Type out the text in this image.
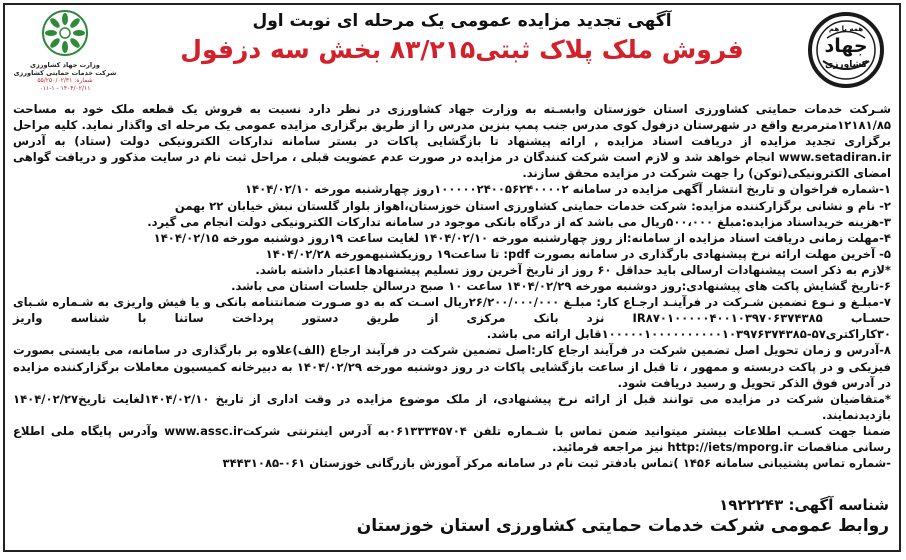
همه با هم
جهاد
کشاورزی
آگهی تجدید مزایده عمومی یک مرحله ای نوبت اول
فروش ملک پلاک ثبتی۸۳/۲۱۵ بخش سه دزفول
وزارت جهاد کشاورزی
شرکت خدمات حمایتی کشاورزی
شماره: ۵۵/۲۵۰/۰۲/۳۱
۱۴۰۴/۰۲/۱۱ - ۰۱۱-۱

شـرکت خدمات حمایتی کشاورزی استان خوزستان وابسـته به وزارت جهاد کشاورزی در نظر دارد نسبت به فروش یک قطعه ملک خود به مساحت ۱۲۱۸۱/۸۵مترمربع واقع در شهرستان دزفول کوی مدرس جنب پمپ بنزین مدرس را از طریق برگزاری مزایده عمومی یک مرحله ای واگذار نماید. کلیه مراحل برگزاری تجدید مزایده از دریافت اسناد مزایده , ارائه پیشنهاد تا بازگشایی پاکات در بستر سامانه تدارکات الکترونیکی دولت (ستاد) به آدرس www.setadiran.ir انجام خواهد شد و لازم است شرکت کنندگان در مزایده در صورت عدم عضویت قبلی ، مراحل ثبت نام در سایت مذکور و دریافت گواهی امضای الکترونیکی(توکن) را جهت شرکت در مزایده محقق سازند.

۱-شماره فراخوان و تاریخ انتشار آگهی مزایده در سامانه ۱۰۰۰۰۰۲۴۰۰۵۶۲۴۰۰۰۰۲روز چهارشنبه مورخه ۱۴۰۴/۰۲/۱۰

۲- نام و نشانی برگزارکننده مزایده: شرکت خدمات حمایتی کشاورزی استان خوزستان،اهواز بلوار گلستان نبش خیابان ۲۲ بهمن

۳-هزینه خریداسناد مزایده:مبلغ ۵۰۰،۰۰۰ریال می باشد که از درگاه بانکی موجود در سامانه تدارکات الکترونیکی دولت انجام می گیرد.

۴-مهلت زمانی دریافت اسناد مزایده از سامانه:از روز چهارشنبه مورخه ۱۴۰۴/۰۲/۱۰ لغایت ساعت ۱۹روز دوشنبه مورخه ۱۴۰۴/۰۲/۱۵

۵- آخرین مهلت ارائه نرخ پیشنهادی بارگذاری در سامانه بصورت pdf: تا ساعت۱۹ روزیکشنبهمورخه ۱۴۰۴/۰۲/۲۸

*لازم به ذکر است پیشنهادات ارسالی باید حداقل ۶۰ روز از تاریخ آخرین روز تسلیم پیشنهادها اعتبار داشته باشد.

۶-تاریخ گشایش پاکت های پیشنهادی:روز دوشنبه مورخه ۱۴۰۴/۰۲/۲۹ ساعت ۱۰ صبح درسالن جلسات استان می باشد.

۷-مبلـغ و نـوع تضمین شـرکت در فرآینـد ارجـاع کار: مبلـغ ۲۶/۲۰۰/۰۰۰/۰۰۰ریال اسـت که به دو صـورت ضمانتنامه بانکی و یا فیش واریزی به شـماره شـبای حسـاب IR۸۷۰۱۰۰۰۰۰۴۰۰۱۰۳۹۷۰۶۳۷۴۳۸۵ نزد بانک مرکزی از طریق دستور پرداخت ساتنا با شناسه واریز ۳۰کاراکتری۵۷-۱۰۰۰۰۰۱۰۰۰۰۰۰۰۰۰۰۱۰۳۹۷۶۳۷۴۳۸۵قابل ارائه می باشد.

۸-آدرس و زمان تحویل اصل تضمین شرکت در فرآیند ارجاع کار:اصل تضمین شرکت در فرآیند ارجاع (الف)علاوه بر بارگذاری در سامانه، می بایستی بصورت فیزیکی و در پاکت دربسته و ممهور ، تا قبل از ساعت بازگشایی پاکات در روز دوشنبه مورخه ۱۴۰۴/۰۲/۲۹ به دبیرخانه کمیسیون معاملات برگزارکننده مزایده در آدرس فوق الذکر تحویل و رسید دریافت شود.

*متقاضیان شرکت در مزایده می توانند قبل از ارائه نرخ پیشنهادی، از ملک موضوع مزایده در وقت اداری از تاریخ ۱۴۰۴/۰۲/۱۰لغایت تاریخ۱۴۰۴/۰۲/۲۷ بازدیدنمایند.

ضمنا جهت کسـب اطلاعات بیشتر میتوانید ضمن تماس با شـماره تلفن ۰۶۱۳۳۳۴۵۷۰۴به آدرس اینترنتی شرکتwww.assc.ir وآدرس پایگاه ملی اطلاع رسانی مناقصات http://iets/mporg.ir نیز مراجعه فرمائید.

-شماره تماس پشتیبانی سامانه ۱۴۵۶ )تماس بادفتر ثبت نام در سامانه مرکز آموزش بازرگانی خوزستان ۰۶۱-۳۴۴۳۱۰۸۵

شناسه آگهی: ۱۹۲۲۲۴۳
روابط عمومی شرکت خدمات حمایتی کشاورزی استان خوزستان
